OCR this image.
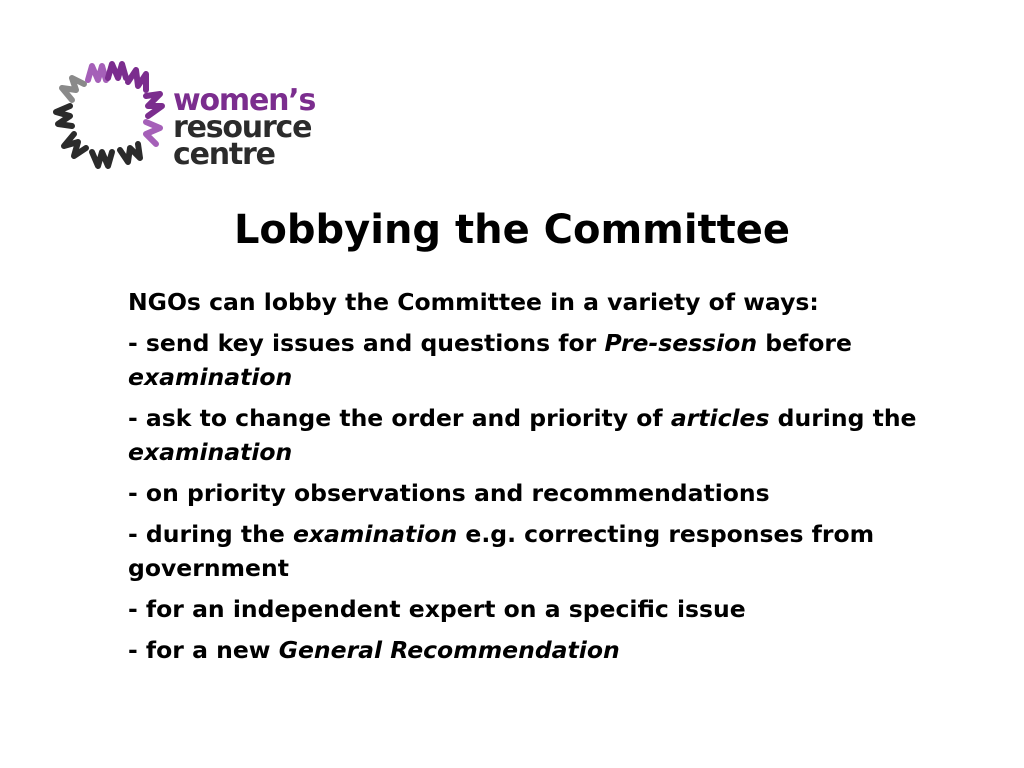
women’s
resource
centre
Lobbying the Committee

NGOs can lobby the Committee in a variety of ways:

- send key issues and questions for Pre-session before examination

- ask to change the order and priority of articles during the examination

- on priority observations and recommendations

- during the examination e.g. correcting responses from government

- for an independent expert on a specific issue

- for a new General Recommendation
